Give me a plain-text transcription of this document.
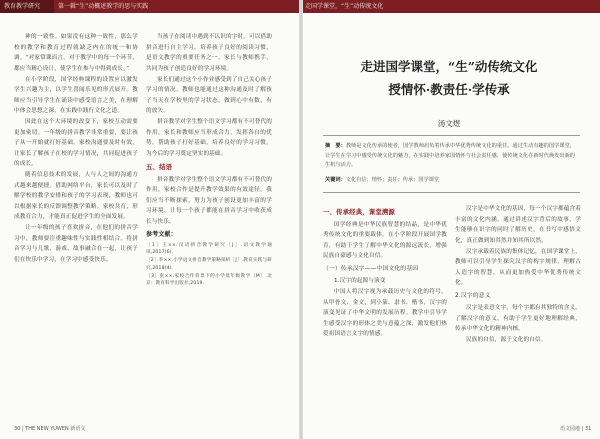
教育教学研究	第一辑“生”动概述教学的思与实践	走国学课堂，“生”动传统文化

神的一致性。如果没有这种一致性，那么学校的教学和教育过程就缺乏内在的统一和协调。“对家常课而言，对于教学中的每一个环节，都应当精心设计，使学生在参与中得到成长。”

在小学阶段，国学经典课程的设置应以激发学生兴趣为主，以学生喜闻乐见的形式展开。教师应当引导学生在诵读中感受语言之美，在理解中体会思想之深，在实践中践行文化之道。

因此在这个大环境的改变下，家校互动需要更加密切。一年级的拼音教学非常重要，要让孩子从一开始就打好基础。家校沟通要及时有效，让家长了解孩子在校的学习情况，共同促进孩子的成长。

随着信息技术的发展，人与人之间的沟通方式越来越便捷。借助网络平台，家长可以及时了解学校的教学安排和孩子的学习表现，教师也可以根据家长的反馈调整教学策略。家校共育，形成教育合力，才能真正促进学生的全面发展。

让一年级的孩子喜欢拼音，在他们的拼音学习中，教师要注重趣味性与实践性相结合。将拼音学习与儿歌、游戏、故事融合在一起，让孩子们在快乐中学习，在学习中感受快乐。

当孩子在阅读中遇到不认识的字时，可以借助拼音进行自主学习。培养孩子良好的阅读习惯，是语文教学的重要任务之一。家长与教师携手，共同为孩子创造良好的学习环境。

家长们通过这个小作业感受到了自己关心孩子学习的情况，教师也能通过这种沟通及时了解孩子当天在学校里的学习状态，做到心中有数，有的放矢。

拼音教学对学生整个语文学习都有不可替代的作用。家长和教师应当形成合力，发挥各自的优势，帮助孩子打好基础，培养良好的学习习惯，为今后的学习奠定坚实的基础。

五、结语

拼音教学对学生整个语文学习都有不可替代的作用，家校合作是提升教学效果的有效途径。我们应当不断探索，努力为孩子创设更加丰富的学习环境，让每一个孩子都能在拼音学习中收获成长与快乐。

参考文献：

［1］王××.汉语拼音教学研究［J］.语文教学通讯,2017(6).

［2］李××.小学语文拼音教学策略探析［J］.教育实践与研究,2018(4).

［3］张××.家校合作背景下的小学低年级教学［M］.北京：教育科学出版社,2019.

30 | THE NEW YUWEN 新语文
走进国学课堂，“生”动传统文化
授情怀·教责任·学传承
汤文煜
摘　要：教师是文化传承的使者，国学教师肩负着传承中华优秀传统文化的重任。通过生动有趣的国学课堂，让学生在学习中感受传统文化的魅力，在实践中培养家国情怀与社会责任感，使传统文化在新时代焕发出新的生机与活力。
关键词：文化自信；情怀；责任；传承；国学课堂
一、传承经典，课堂溯源

国学经典是中华民族智慧的结晶，是中华优秀传统文化的重要载体。在小学阶段开展国学教育，有助于学生了解中华文化的源远流长，增强民族自豪感与文化自信。

（一）传承汉字——中国文化的基因

1.汉字的起源与演变

中国人将汉字视为承载历史与文化的符号。从甲骨文、金文，到小篆、隶书、楷书，汉字的演变见证了中华文明的发展历程。教学中引导学生感受汉字的形体之美与意蕴之深，激发他们热爱祖国语言文字的情感。

汉字是中华文化的基因，每一个汉字都蕴含着丰富的文化内涵。通过讲述汉字背后的故事，学生能够在识字的同时了解历史，在书写中感悟文化，真正做到知其然并知其所以然。

汉字承载着民族的集体记忆，在国学课堂上，教师可以引导学生探究汉字的构字规律，理解古人造字的智慧，从而更加热爱中华优秀传统文化。

2.汉字的意义

汉字是表意文字，每个字都有其独特的含义。了解汉字的意义，有助于学生更好地理解经典，传承中华文化的精神内核。

民族的自信，源于文化的自信。

语文园地 | 31
